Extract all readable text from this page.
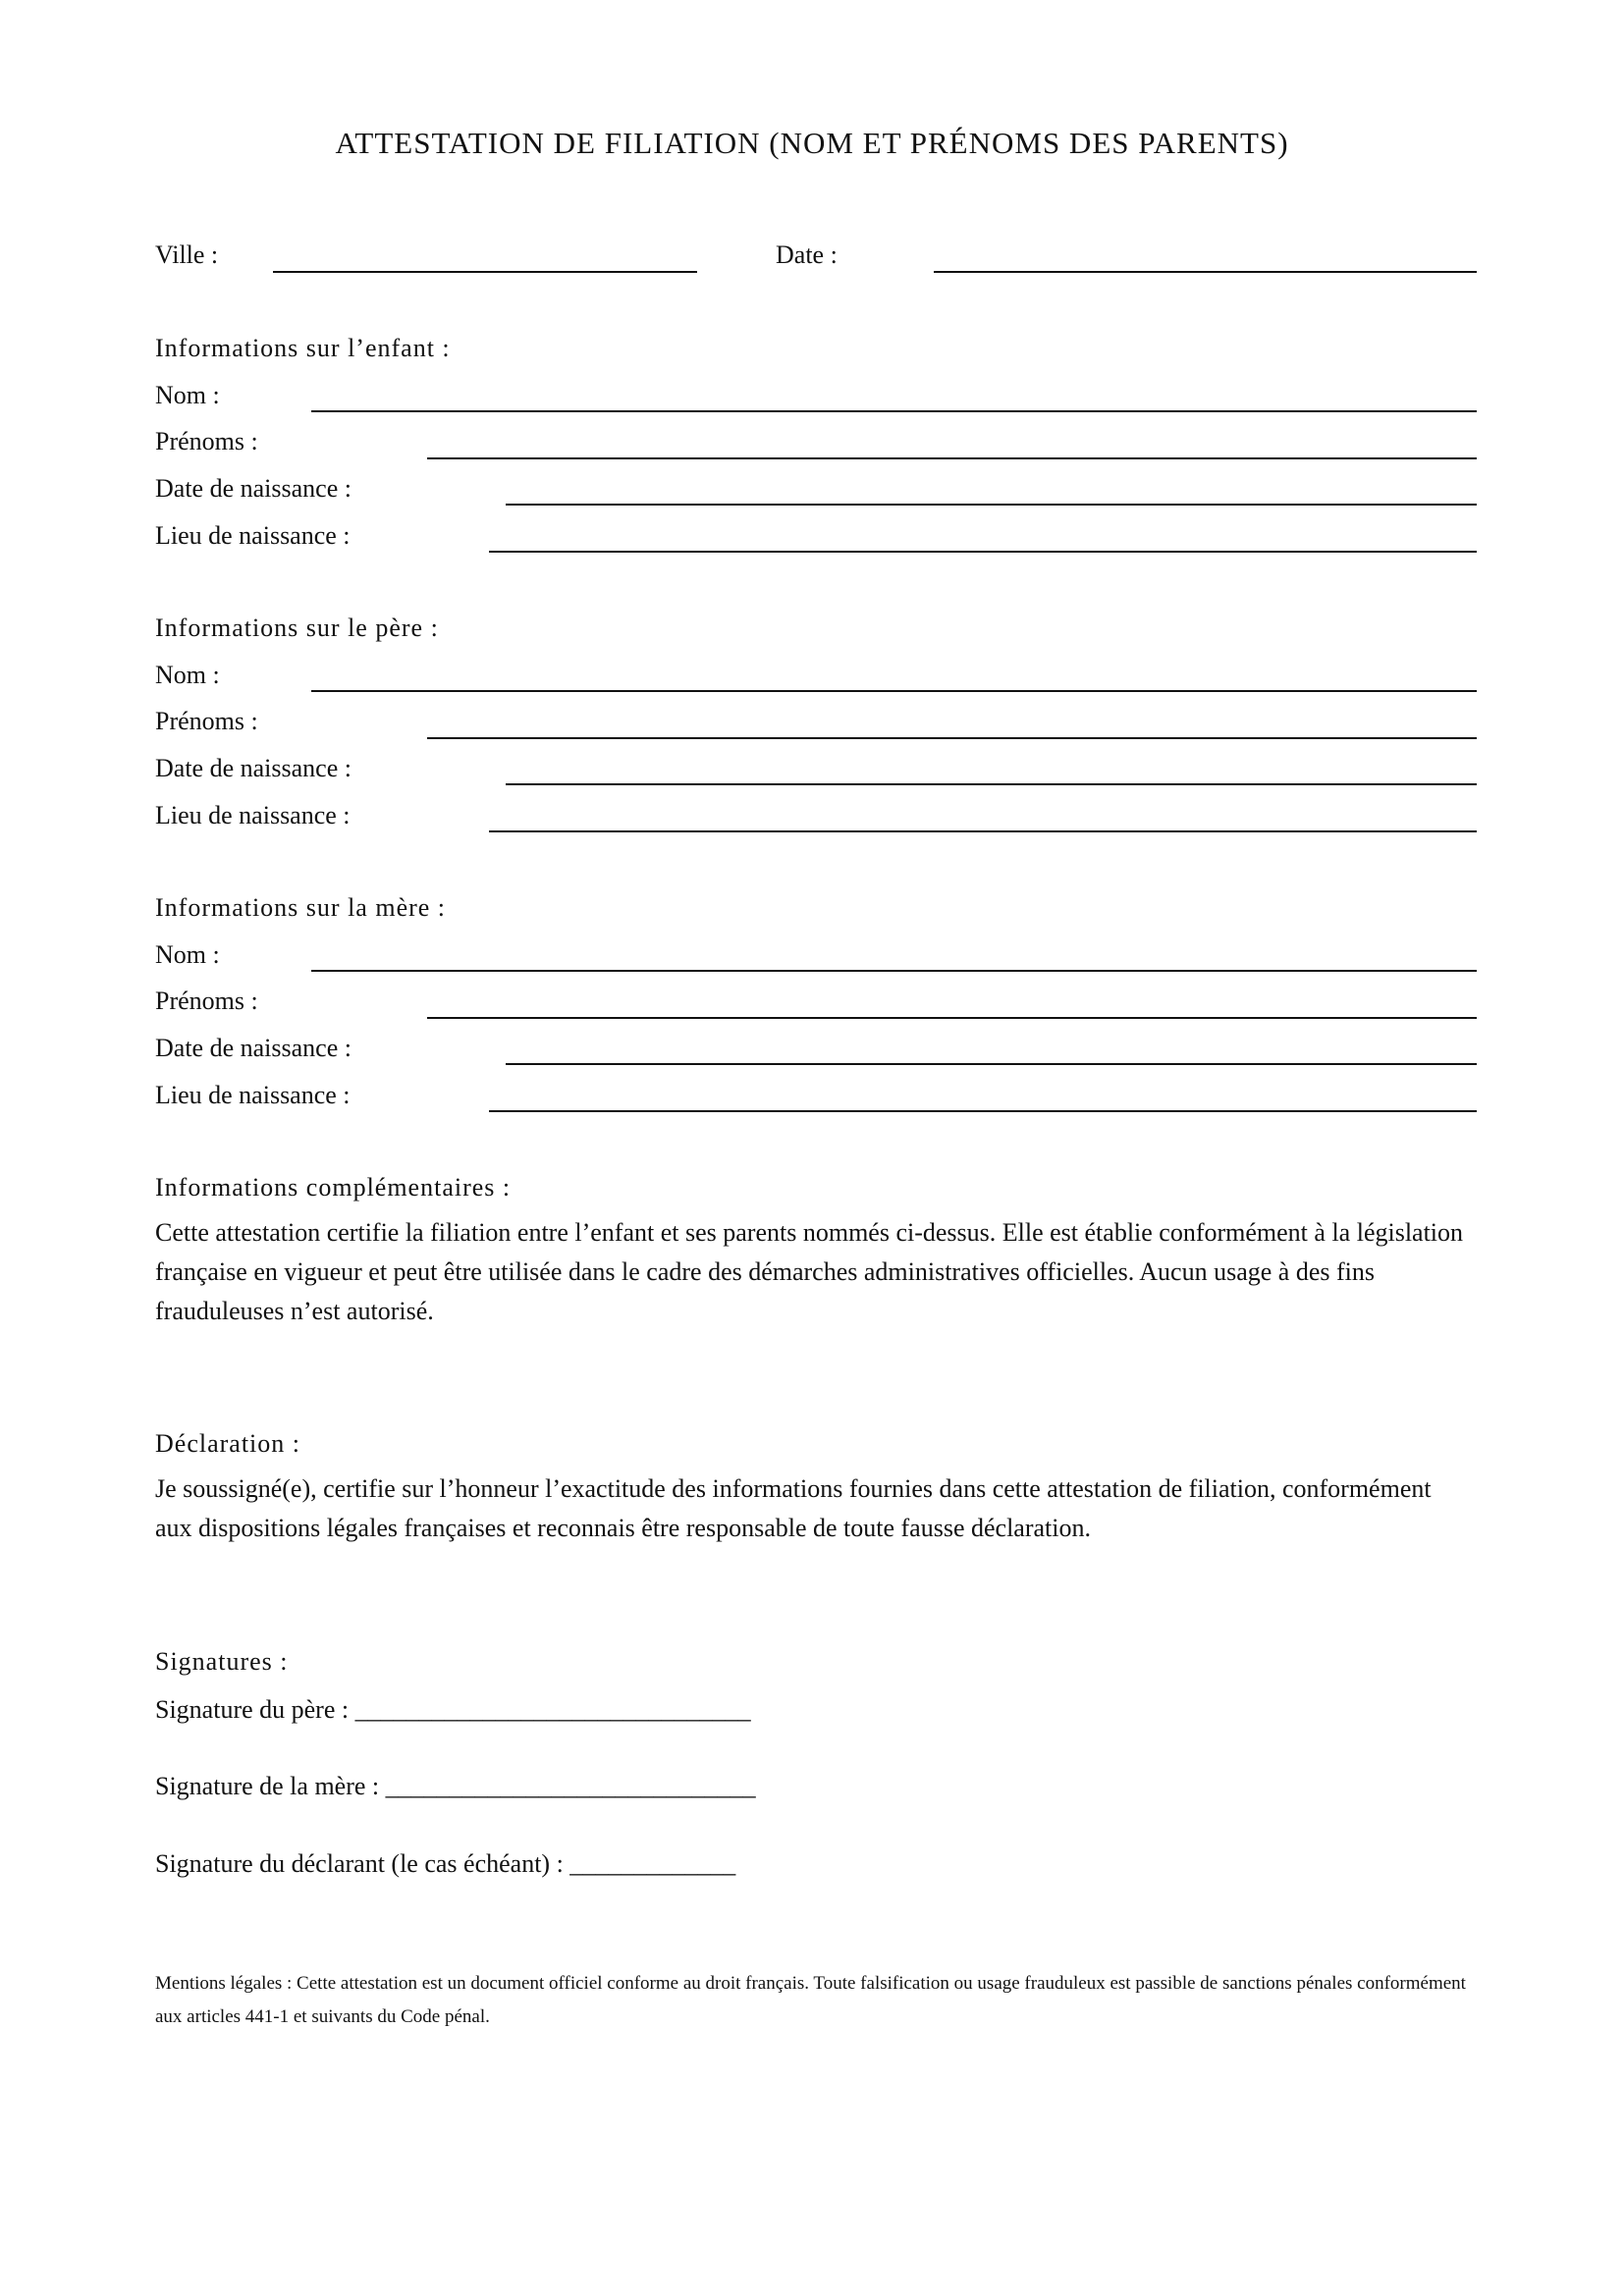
ATTESTATION DE FILIATION (NOM ET PRÉNOMS DES PARENTS)
Ville :	Date :
Informations sur l’enfant :
Nom :
Prénoms :
Date de naissance :
Lieu de naissance :
Informations sur le père :
Nom :
Prénoms :
Date de naissance :
Lieu de naissance :
Informations sur la mère :
Nom :
Prénoms :
Date de naissance :
Lieu de naissance :
Informations complémentaires :
Cette attestation certifie la filiation entre l’enfant et ses parents nommés ci-dessus. Elle est établie conformément à la législation française en vigueur et peut être utilisée dans le cadre des démarches administratives officielles. Aucun usage à des fins frauduleuses n’est autorisé.
Déclaration :
Je soussigné(e), certifie sur l’honneur l’exactitude des informations fournies dans cette attestation de filiation, conformément aux dispositions légales françaises et reconnais être responsable de toute fausse déclaration.
Signatures :
Signature du père : _______________________________
Signature de la mère : _____________________________
Signature du déclarant (le cas échéant) : _____________
Mentions légales : Cette attestation est un document officiel conforme au droit français. Toute falsification ou usage frauduleux est passible de sanctions pénales conformément aux articles 441-1 et suivants du Code pénal.
